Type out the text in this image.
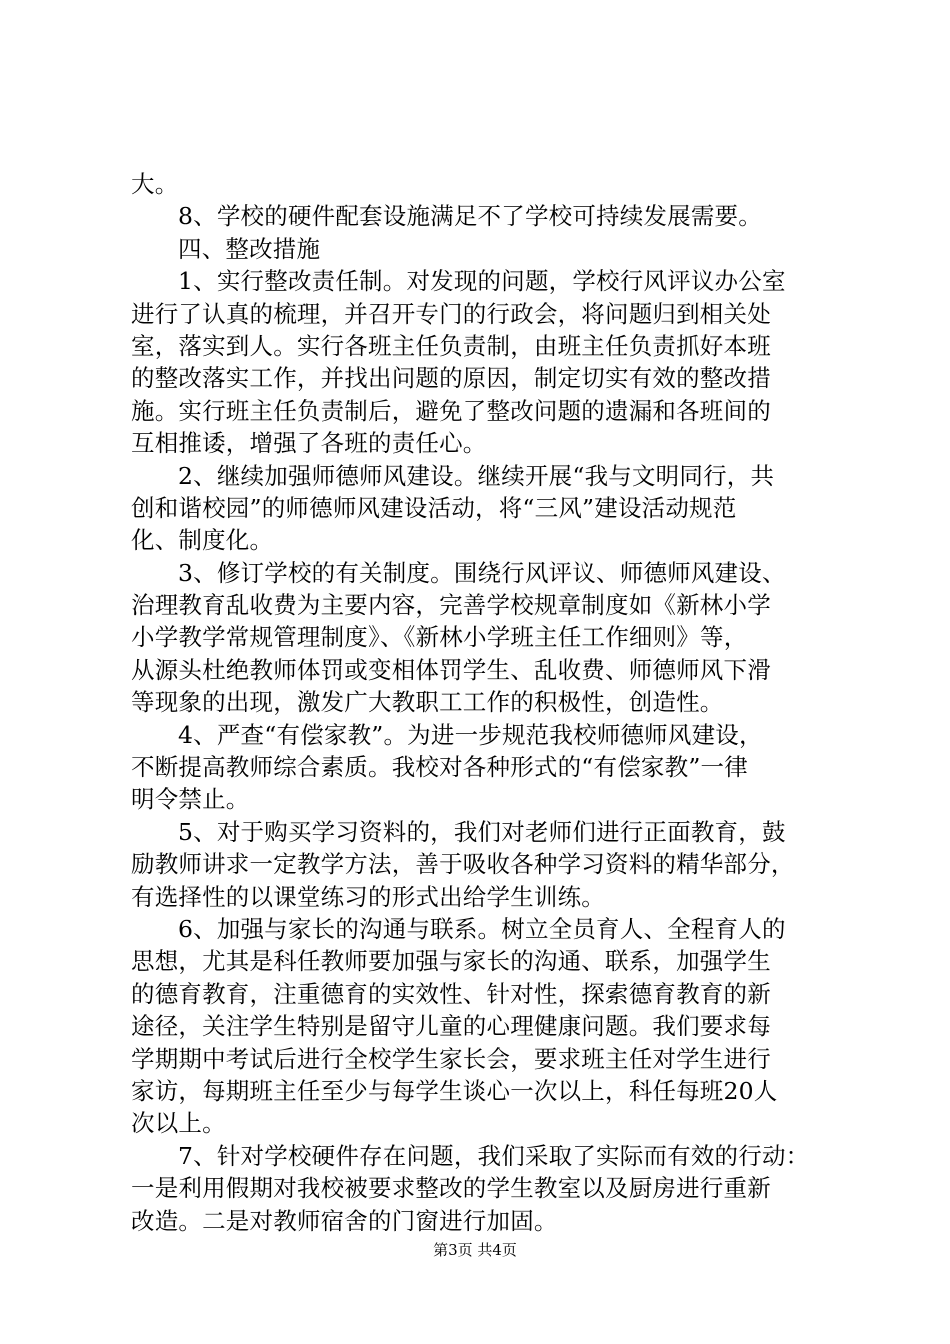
大。
8、学校的硬件配套设施满足不了学校可持续发展需要。
四、整改措施
1、实行整改责任制。对发现的问题，学校行风评议办公室
进行了认真的梳理，并召开专门的行政会，将问题归到相关处
室，落实到人。实行各班主任负责制，由班主任负责抓好本班
的整改落实工作，并找出问题的原因，制定切实有效的整改措
施。实行班主任负责制后，避免了整改问题的遗漏和各班间的
互相推诿，增强了各班的责任心。
2、继续加强师德师风建设。继续开展“我与文明同行，共
创和谐校园”的师德师风建设活动，将“三风”建设活动规范
化、制度化。
3、修订学校的有关制度。围绕行风评议、师德师风建设、
治理教育乱收费为主要内容，完善学校规章制度如《新林小学
小学教学常规管理制度》、《新林小学班主任工作细则》等，
从源头杜绝教师体罚或变相体罚学生、乱收费、师德师风下滑
等现象的出现，激发广大教职工工作的积极性，创造性。
4、严查“有偿家教”。为进一步规范我校师德师风建设，
不断提高教师综合素质。我校对各种形式的“有偿家教”一律
明令禁止。
5、对于购买学习资料的，我们对老师们进行正面教育，鼓
励教师讲求一定教学方法，善于吸收各种学习资料的精华部分，
有选择性的以课堂练习的形式出给学生训练。
6、加强与家长的沟通与联系。树立全员育人、全程育人的
思想，尤其是科任教师要加强与家长的沟通、联系，加强学生
的德育教育，注重德育的实效性、针对性，探索德育教育的新
途径，关注学生特别是留守儿童的心理健康问题。我们要求每
学期期中考试后进行全校学生家长会，要求班主任对学生进行
家访，每期班主任至少与每学生谈心一次以上，科任每班20人
次以上。
7、针对学校硬件存在问题，我们采取了实际而有效的行动：
一是利用假期对我校被要求整改的学生教室以及厨房进行重新
改造。二是对教师宿舍的门窗进行加固。
第3页 共4页
